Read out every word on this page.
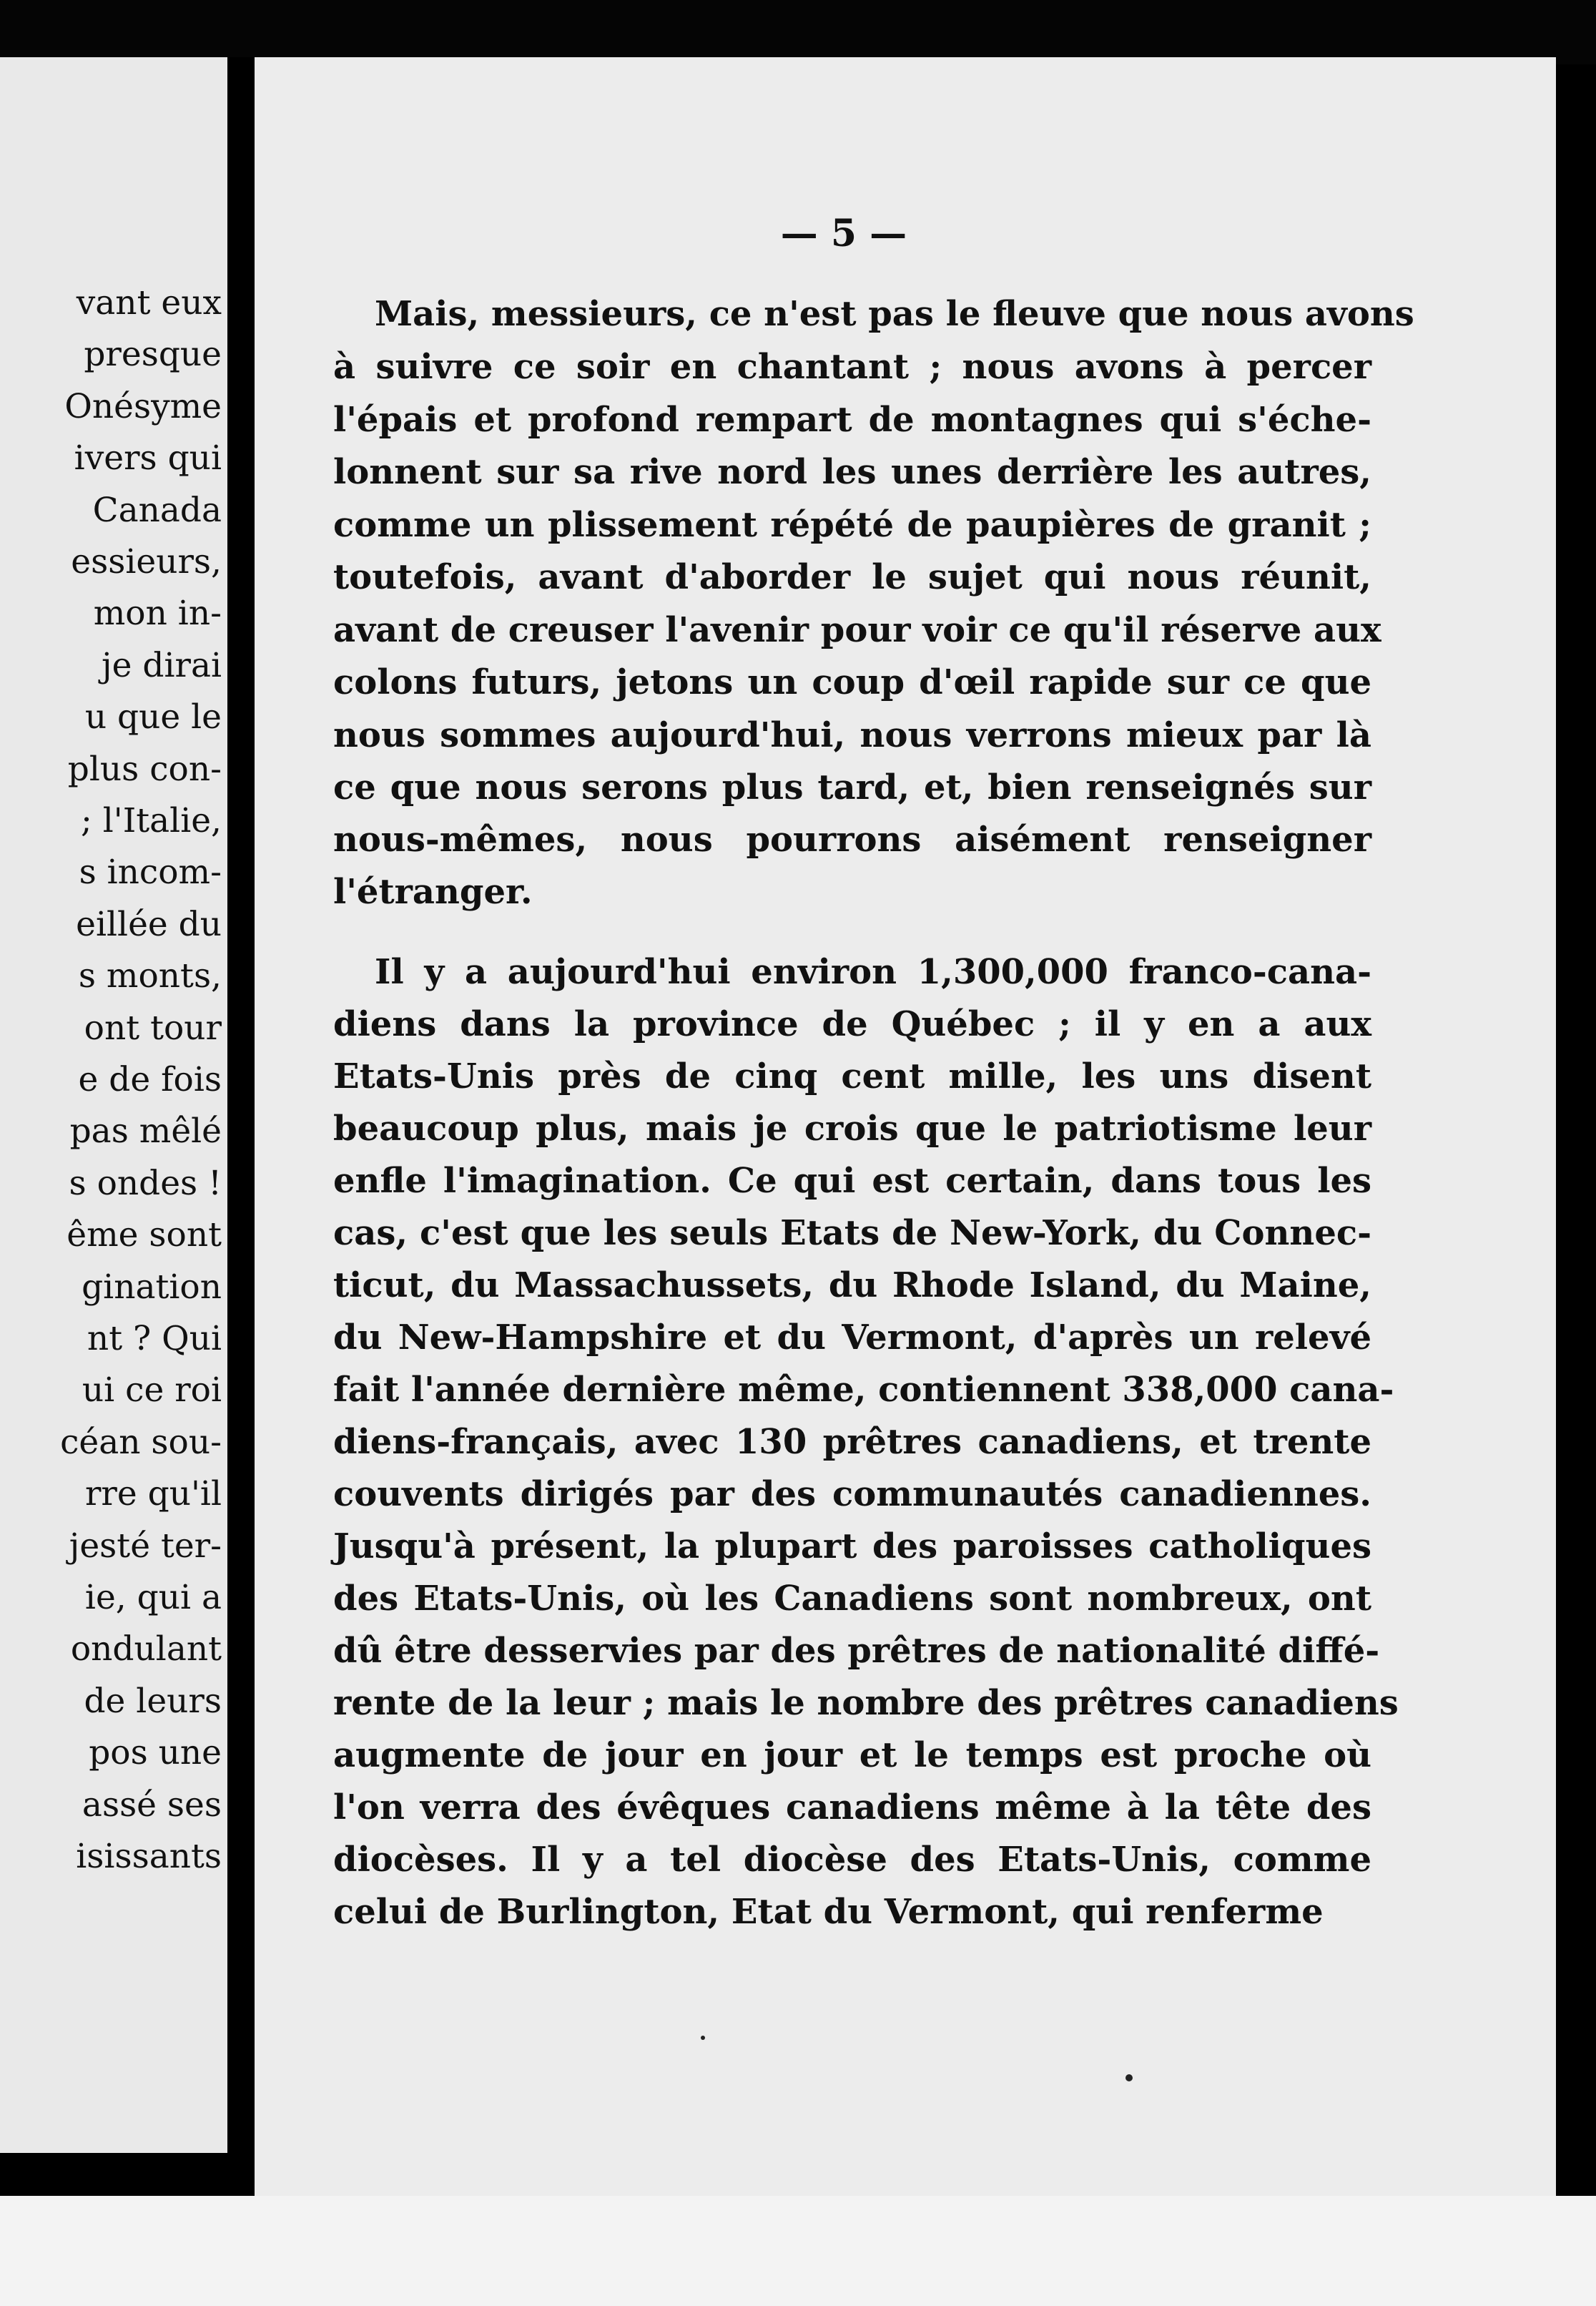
vant eux
presque
Onésyme
ivers qui
Canada
essieurs,
mon in-
je dirai
u que le
plus con-
; l'Italie,
s incom-
eillée du
s monts,
ont tour
e de fois
pas mêlé
s ondes !
ême sont
gination
nt ? Qui
ui ce roi
céan sou-
rre qu'il
jesté ter-
ie, qui a
ondulant
de leurs
pos une
assé ses
isissants
— 5 —
Mais, messieurs, ce n'est pas le fleuve que nous avons
à suivre ce soir en chantant ; nous avons à percer
l'épais et profond rempart de montagnes qui s'éche-
lonnent sur sa rive nord les unes derrière les autres,
comme un plissement répété de paupières de granit ;
toutefois, avant d'aborder le sujet qui nous réunit,
avant de creuser l'avenir pour voir ce qu'il réserve aux
colons futurs, jetons un coup d'œil rapide sur ce que
nous sommes aujourd'hui, nous verrons mieux par là
ce que nous serons plus tard, et, bien renseignés sur
nous-mêmes, nous pourrons aisément renseigner
l'étranger.
Il y a aujourd'hui environ 1,300,000 franco-cana-
diens dans la province de Québec ; il y en a aux
Etats-Unis près de cinq cent mille, les uns disent
beaucoup plus, mais je crois que le patriotisme leur
enfle l'imagination. Ce qui est certain, dans tous les
cas, c'est que les seuls Etats de New-York, du Connec-
ticut, du Massachussets, du Rhode Island, du Maine,
du New-Hampshire et du Vermont, d'après un relevé
fait l'année dernière même, contiennent 338,000 cana-
diens-français, avec 130 prêtres canadiens, et trente
couvents dirigés par des communautés canadiennes.
Jusqu'à présent, la plupart des paroisses catholiques
des Etats-Unis, où les Canadiens sont nombreux, ont
dû être desservies par des prêtres de nationalité diffé-
rente de la leur ; mais le nombre des prêtres canadiens
augmente de jour en jour et le temps est proche où
l'on verra des évêques canadiens même à la tête des
diocèses. Il y a tel diocèse des Etats-Unis, comme
celui de Burlington, Etat du Vermont, qui renferme
